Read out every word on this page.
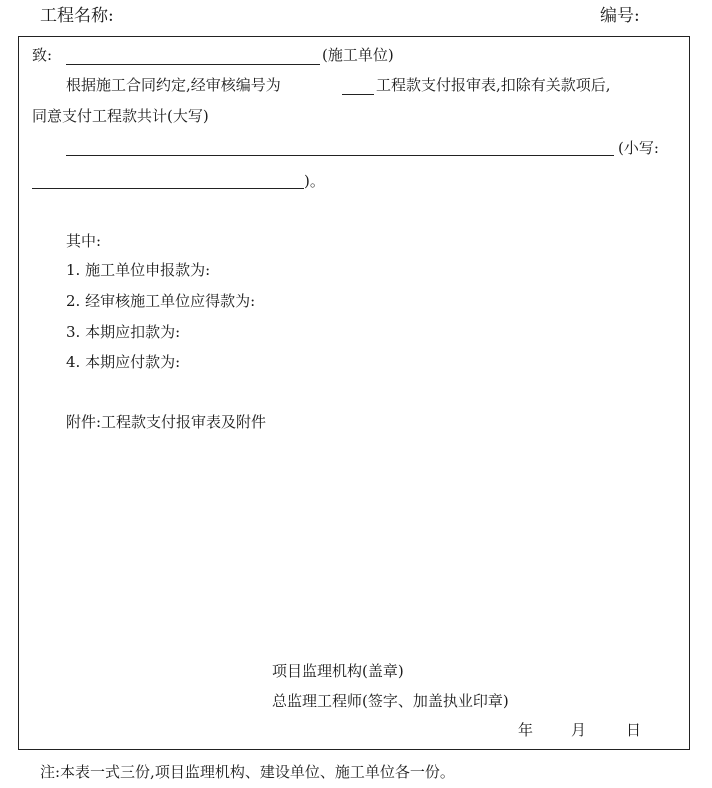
工程名称:	编号:
致:	(施工单位)
根据施工合同约定,经审核编号为	工程款支付报审表,扣除有关款项后,
同意支付工程款共计(大写)
(小写:
)。
其中:
1. 施工单位申报款为:
2. 经审核施工单位应得款为:
3. 本期应扣款为:
4. 本期应付款为:
附件:工程款支付报审表及附件
项目监理机构(盖章)
总监理工程师(签字、加盖执业印章)
年	月	日
注:本表一式三份,项目监理机构、建设单位、施工单位各一份。
